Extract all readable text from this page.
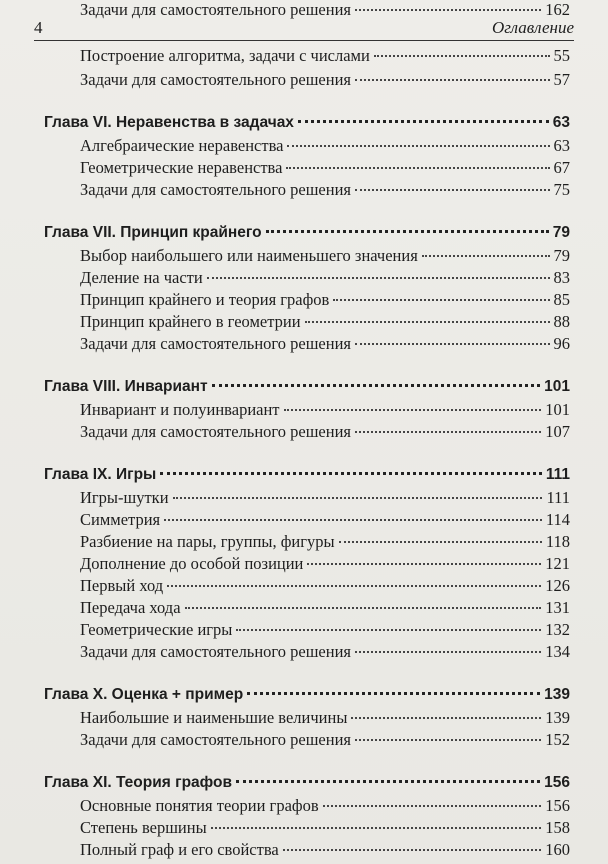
4	Оглавление
Построение алгоритма, задачи с числами	55
Задачи для самостоятельного решения	57
Глава VI. Неравенства в задачах	63
Алгебраические неравенства	63
Геометрические неравенства	67
Задачи для самостоятельного решения	75
Глава VII. Принцип крайнего	79
Выбор наибольшего или наименьшего значения	79
Деление на части	83
Принцип крайнего и теория графов	85
Принцип крайнего в геометрии	88
Задачи для самостоятельного решения	96
Глава VIII. Инвариант	101
Инвариант и полуинвариант	101
Задачи для самостоятельного решения	107
Глава IX. Игры	111
Игры-шутки	111
Симметрия	114
Разбиение на пары, группы, фигуры	118
Дополнение до особой позиции	121
Первый ход	126
Передача хода	131
Геометрические игры	132
Задачи для самостоятельного решения	134
Глава X. Оценка + пример	139
Наибольшие и наименьшие величины	139
Задачи для самостоятельного решения	152
Глава XI. Теория графов	156
Основные понятия теории графов	156
Степень вершины	158
Полный граф и его свойства	160
Задачи для самостоятельного решения	162
